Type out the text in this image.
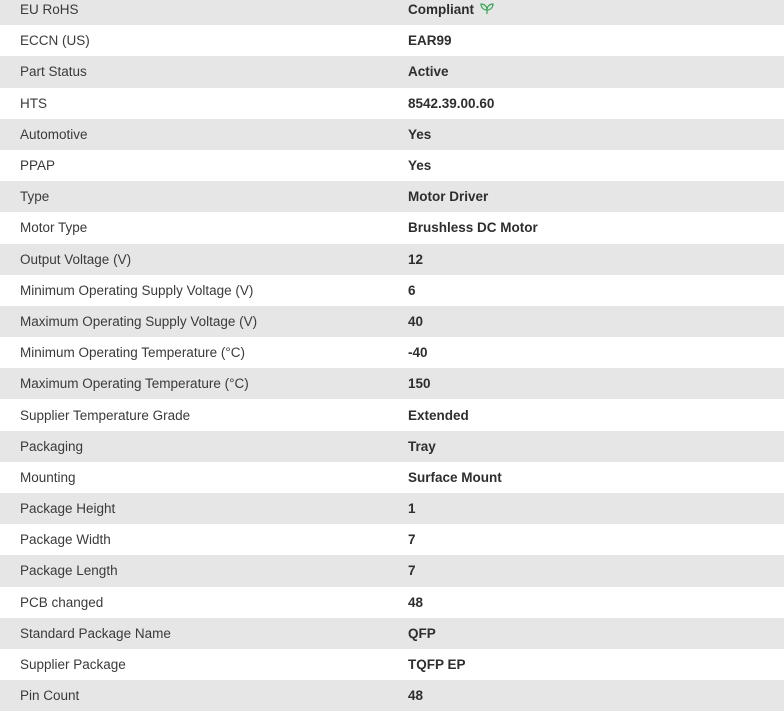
EU RoHS	Compliant
ECCN (US)	EAR99
Part Status	Active
HTS	8542.39.00.60
Automotive	Yes
PPAP	Yes
Type	Motor Driver
Motor Type	Brushless DC Motor
Output Voltage (V)	12
Minimum Operating Supply Voltage (V)	6
Maximum Operating Supply Voltage (V)	40
Minimum Operating Temperature (°C)	-40
Maximum Operating Temperature (°C)	150
Supplier Temperature Grade	Extended
Packaging	Tray
Mounting	Surface Mount
Package Height	1
Package Width	7
Package Length	7
PCB changed	48
Standard Package Name	QFP
Supplier Package	TQFP EP
Pin Count	48
